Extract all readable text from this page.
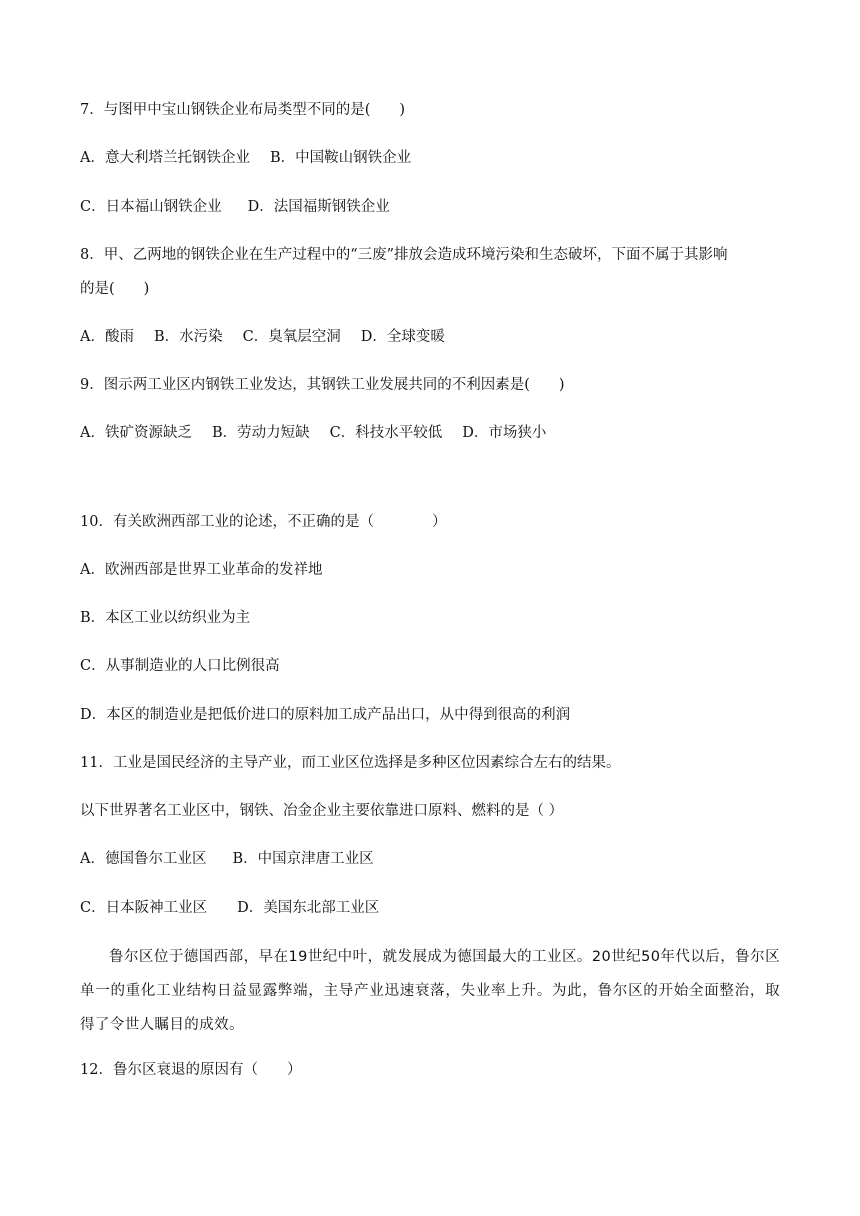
7．与图甲中宝山钢铁企业布局类型不同的是(　　)
A．意大利塔兰托钢铁企业 B．中国鞍山钢铁企业
C．日本福山钢铁企业 D．法国福斯钢铁企业
8．甲、乙两地的钢铁企业在生产过程中的“三废”排放会造成环境污染和生态破坏，下面不属于其影响
的是(　　)
A．酸雨 B．水污染 C．臭氧层空洞 D．全球变暖
9．图示两工业区内钢铁工业发达，其钢铁工业发展共同的不利因素是(　　)
A．铁矿资源缺乏 B．劳动力短缺 C．科技水平较低 D．市场狭小
10．有关欧洲西部工业的论述，不正确的是（　　　　）
A．欧洲西部是世界工业革命的发祥地
B．本区工业以纺织业为主
C．从事制造业的人口比例很高
D．本区的制造业是把低价进口的原料加工成产品出口，从中得到很高的利润
11．工业是国民经济的主导产业，而工业区位选择是多种区位因素综合左右的结果。
以下世界著名工业区中，钢铁、冶金企业主要依靠进口原料、燃料的是（ ）
A．德国鲁尔工业区 B．中国京津唐工业区
C．日本阪神工业区 D．美国东北部工业区
鲁尔区位于德国西部，早在19世纪中叶，就发展成为德国最大的工业区。20世纪50年代以后，鲁尔区单一的重化工业结构日益显露弊端，主导产业迅速衰落，失业率上升。为此，鲁尔区的开始全面整治，取得了令世人瞩目的成效。
12．鲁尔区衰退的原因有（　　）
